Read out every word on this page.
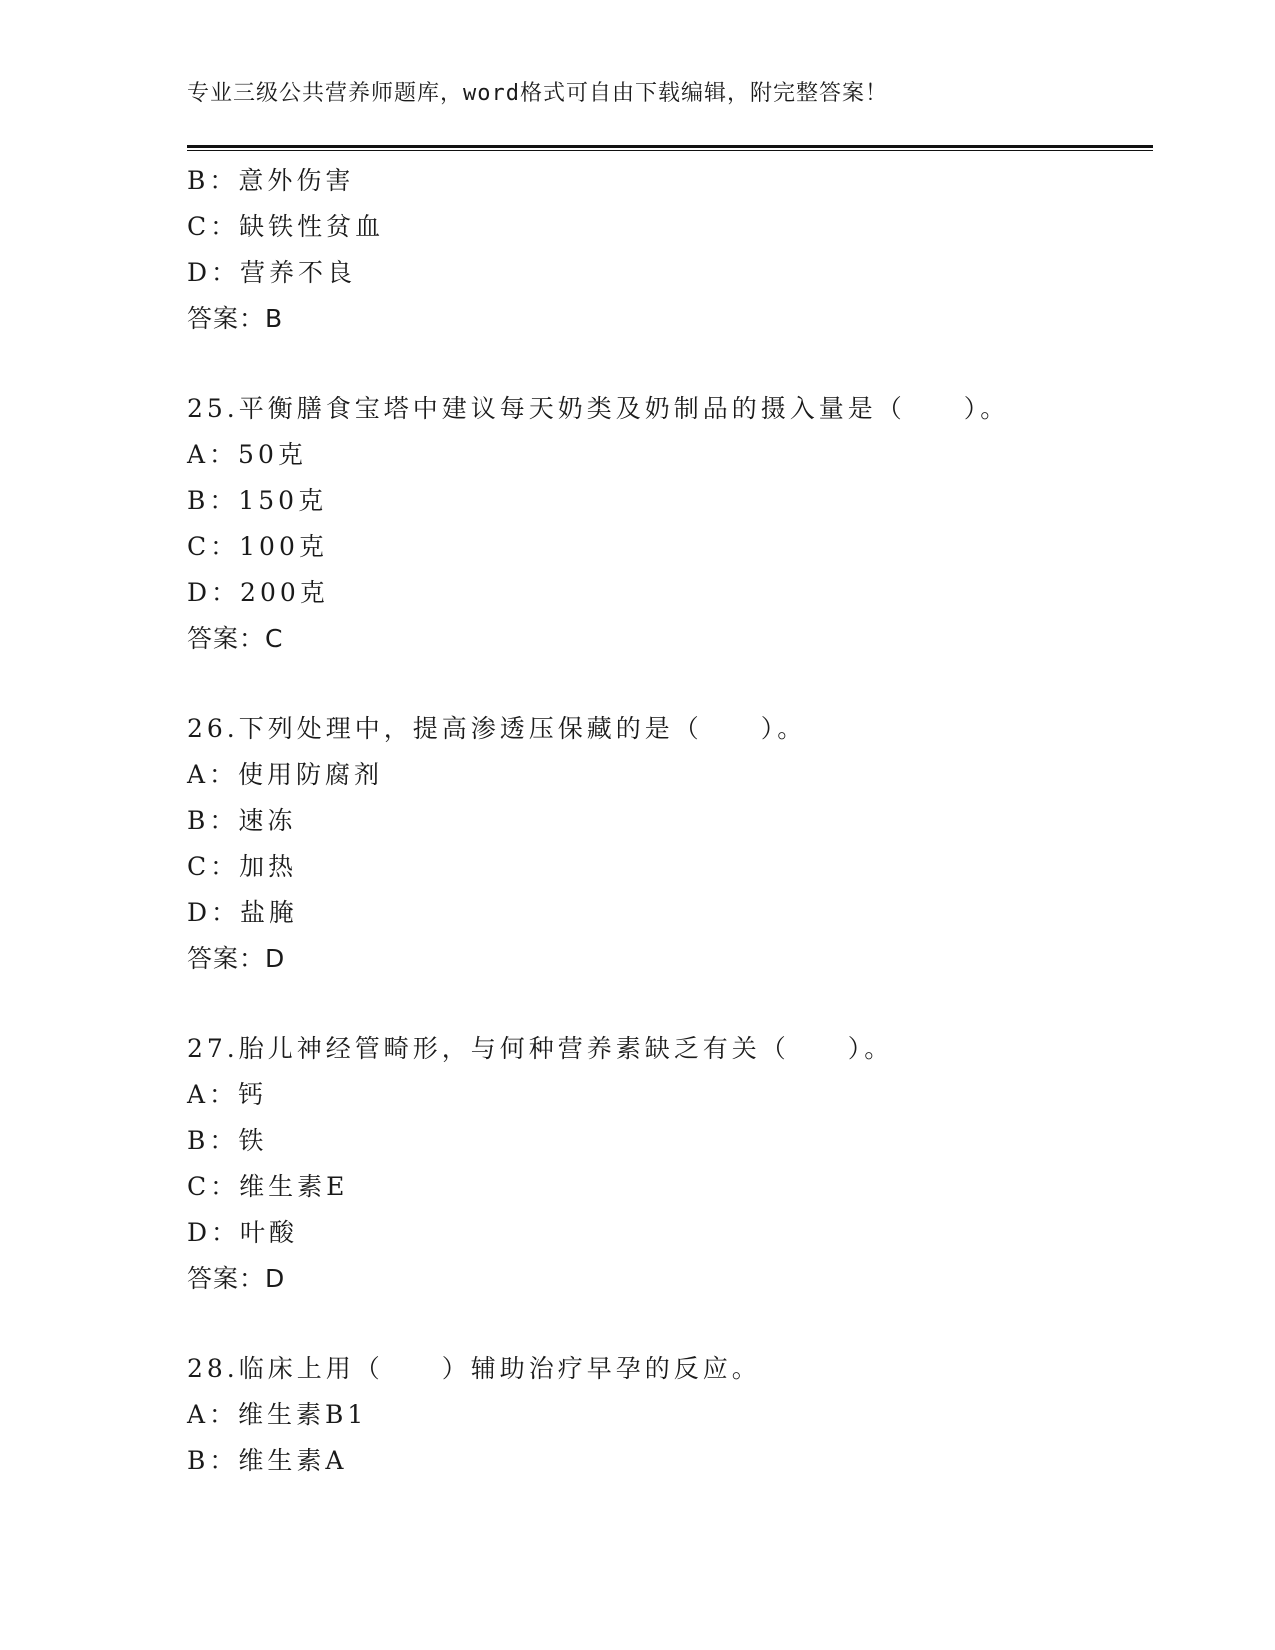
专业三级公共营养师题库，word格式可自由下载编辑，附完整答案！
B：意外伤害
C：缺铁性贫血
D：营养不良
答案：B
25.平衡膳食宝塔中建议每天奶类及奶制品的摄入量是（　　）。
A：50克
B：150克
C：100克
D：200克
答案：C
26.下列处理中，提高渗透压保藏的是（　　）。
A：使用防腐剂
B：速冻
C：加热
D：盐腌
答案：D
27.胎儿神经管畸形，与何种营养素缺乏有关（　　）。
A：钙
B：铁
C：维生素E
D：叶酸
答案：D
28.临床上用（　　）辅助治疗早孕的反应。
A：维生素B1
B：维生素A
